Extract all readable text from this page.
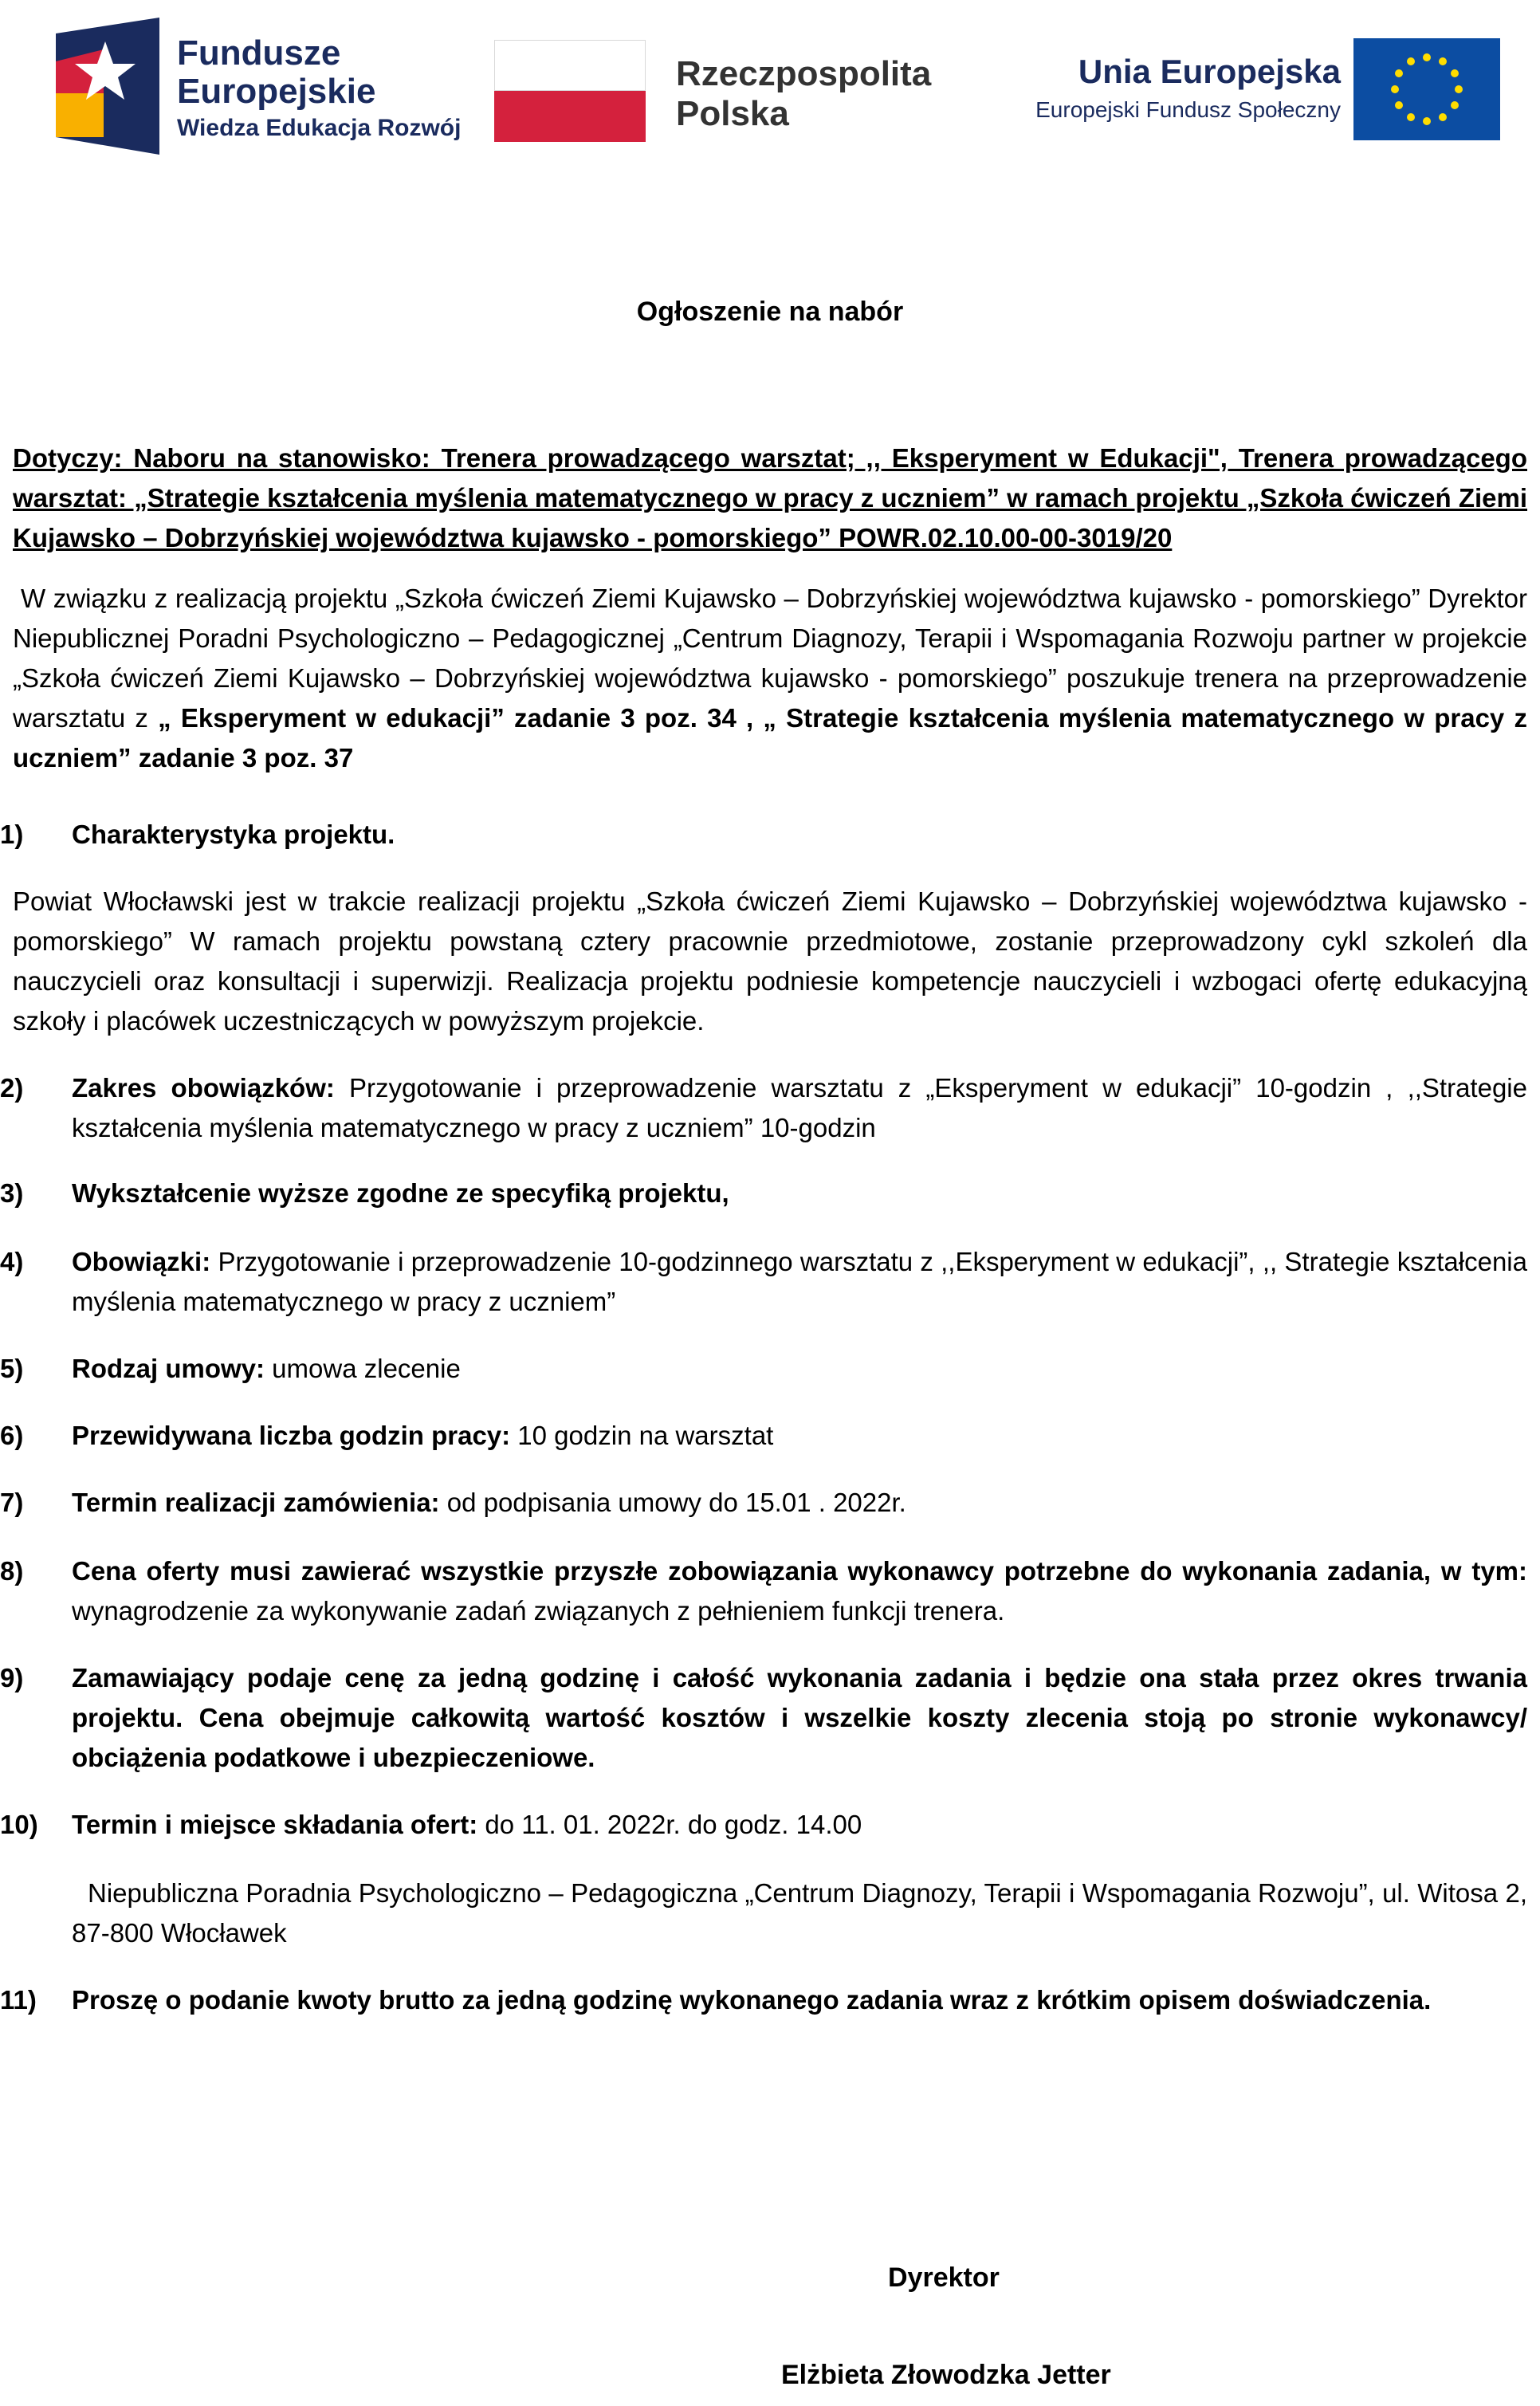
Fundusze
Europejskie
Wiedza Edukacja Rozwój
Rzeczpospolita
Polska
Unia Europejska
Europejski Fundusz Społeczny
Ogłoszenie na nabór
Dotyczy: Naboru na stanowisko: Trenera prowadzącego warsztat; ,, Eksperyment w Edukacji", Trenera prowadzącego warsztat: „Strategie kształcenia myślenia matematycznego w pracy z uczniem” w ramach projektu „Szkoła ćwiczeń Ziemi Kujawsko – Dobrzyńskiej województwa kujawsko - pomorskiego” POWR.02.10.00-00-3019/20
W związku z realizacją projektu „Szkoła ćwiczeń Ziemi Kujawsko – Dobrzyńskiej województwa kujawsko - pomorskiego” Dyrektor Niepublicznej Poradni Psychologiczno – Pedagogicznej „Centrum Diagnozy, Terapii i Wspomagania Rozwoju partner w projekcie „Szkoła ćwiczeń Ziemi Kujawsko – Dobrzyńskiej województwa kujawsko - pomorskiego” poszukuje trenera na przeprowadzenie warsztatu z „ Eksperyment w edukacji” zadanie 3 poz. 34 , „ Strategie kształcenia myślenia matematycznego w pracy z uczniem” zadanie 3 poz. 37
1)	Charakterystyka projektu.
Powiat Włocławski jest w trakcie realizacji projektu „Szkoła ćwiczeń Ziemi Kujawsko – Dobrzyńskiej województwa kujawsko - pomorskiego” W ramach projektu powstaną cztery pracownie przedmiotowe, zostanie przeprowadzony cykl szkoleń dla nauczycieli oraz konsultacji i superwizji. Realizacja projektu podniesie kompetencje nauczycieli i wzbogaci ofertę edukacyjną szkoły i placówek uczestniczących w powyższym projekcie.
2)	Zakres obowiązków: Przygotowanie i przeprowadzenie warsztatu z „Eksperyment w edukacji” 10-godzin , ,,Strategie kształcenia myślenia matematycznego w pracy z uczniem” 10-godzin
3)	Wykształcenie wyższe zgodne ze specyfiką projektu,
4)	Obowiązki: Przygotowanie i przeprowadzenie 10-godzinnego warsztatu z ,,Eksperyment w edukacji”, ,, Strategie kształcenia myślenia matematycznego w pracy z uczniem”
5)	Rodzaj umowy: umowa zlecenie
6)	Przewidywana liczba godzin pracy: 10 godzin na warsztat
7)	Termin realizacji zamówienia: od podpisania umowy do 15.01 . 2022r.
8)	Cena oferty musi zawierać wszystkie przyszłe zobowiązania wykonawcy potrzebne do wykonania zadania, w tym: wynagrodzenie za wykonywanie zadań związanych z pełnieniem funkcji trenera.
9)	Zamawiający podaje cenę za jedną godzinę i całość wykonania zadania i będzie ona stała przez okres trwania projektu. Cena obejmuje całkowitą wartość kosztów i wszelkie koszty zlecenia stoją po stronie wykonawcy/ obciążenia podatkowe i ubezpieczeniowe.
10)	Termin i miejsce składania ofert: do 11. 01. 2022r. do godz. 14.00
Niepubliczna Poradnia Psychologiczno – Pedagogiczna „Centrum Diagnozy, Terapii i Wspomagania Rozwoju”, ul. Witosa 2, 87-800 Włocławek
11)	Proszę o podanie kwoty brutto za jedną godzinę wykonanego zadania wraz z krótkim opisem doświadczenia.
Dyrektor
Elżbieta Złowodzka Jetter
